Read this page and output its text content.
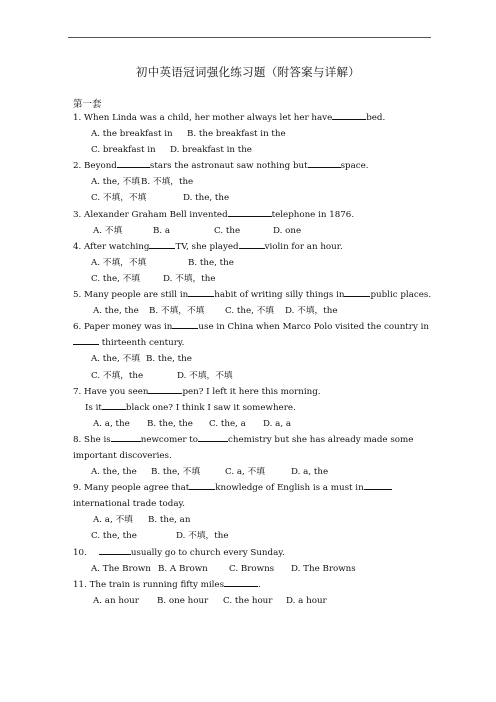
初中英语冠词强化练习题（附答案与详解）
第一套
1. When Linda was a child, her mother always let her have	bed.
A. the breakfast in B. the breakfast in the
C. breakfast in D. breakfast in the
2. Beyond	stars the astronaut saw nothing but	space.
A. the, 不填B. 不填，the
C. 不填，不填	D. the, the
3. Alexander Graham Bell invented	telephone in 1876.
A. 不填	B. a	C. the	D. one
4. After watching	TV, she played	violin for an hour.
A. 不填，不填	B. the, the
C. the, 不填	D. 不填，the
5. Many people are still in	habit of writing silly things in	public places.
A. the, the B. 不填，不填 C. the, 不填 D. 不填，the
6. Paper money was in	use in China when Marco Polo visited the country in  thirteenth century.
A. the, 不填 B. the, the
C. 不填，the	D. 不填，不填
7. Have you seen	pen? I left it here this morning.
Is it	black one? I think I saw it somewhere.
A. a, the B. the, the C. the, a D. a, a
8. She is	newcomer to	chemistry but she has already made some important discoveries.
A. the, the B. the, 不填	C. a, 不填	D. a, the
9. Many people agree that	knowledge of English is a must ininternational trade today.
A. a, 不填 B. the, an
C. the, the	D. 不填，the
10.	usually go to church every Sunday.
A. The Brown B. A Brown C. Browns D. The Browns
11. The train is running fifty miles	.
A. an hour B. one hour C. the hour D. a hour
